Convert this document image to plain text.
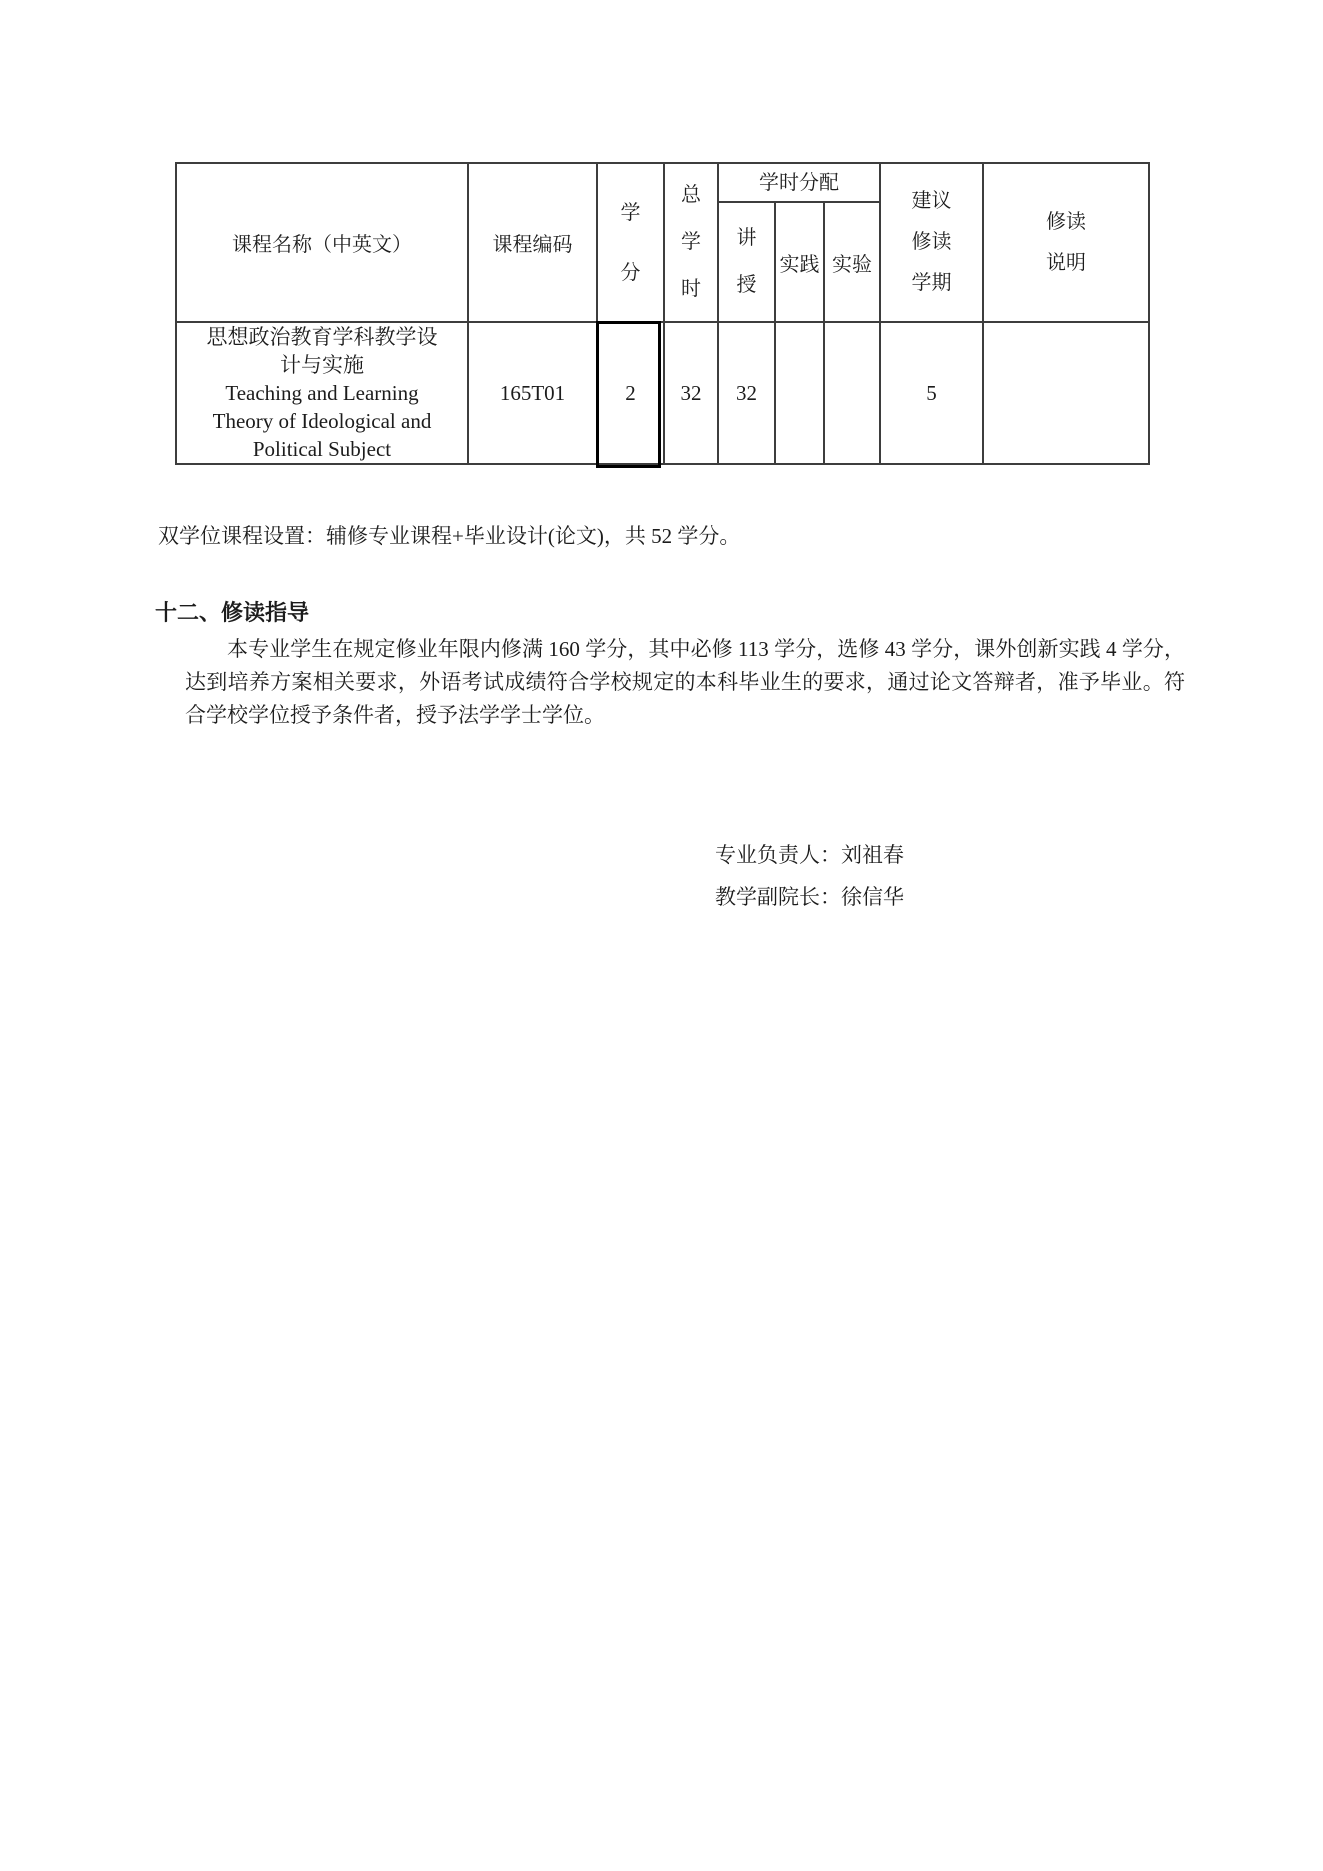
课程名称（中英文）	课程编码	学分	总学时	学时分配			建议修读学期	修读说明

				讲授	实践	实验		

思想政治教育学科教学设
计与实施
Teaching and Learning
Theory of Ideological and
Political Subject	165T01	2	32	32			5	
双学位课程设置：辅修专业课程+毕业设计(论文)，共 52 学分。
十二、修读指导
本专业学生在规定修业年限内修满 160 学分，其中必修 113 学分，选修 43 学分，课外创新实践 4 学分，达到培养方案相关要求，外语考试成绩符合学校规定的本科毕业生的要求，通过论文答辩者，准予毕业。符合学校学位授予条件者，授予法学学士学位。
专业负责人：刘祖春
教学副院长：徐信华
